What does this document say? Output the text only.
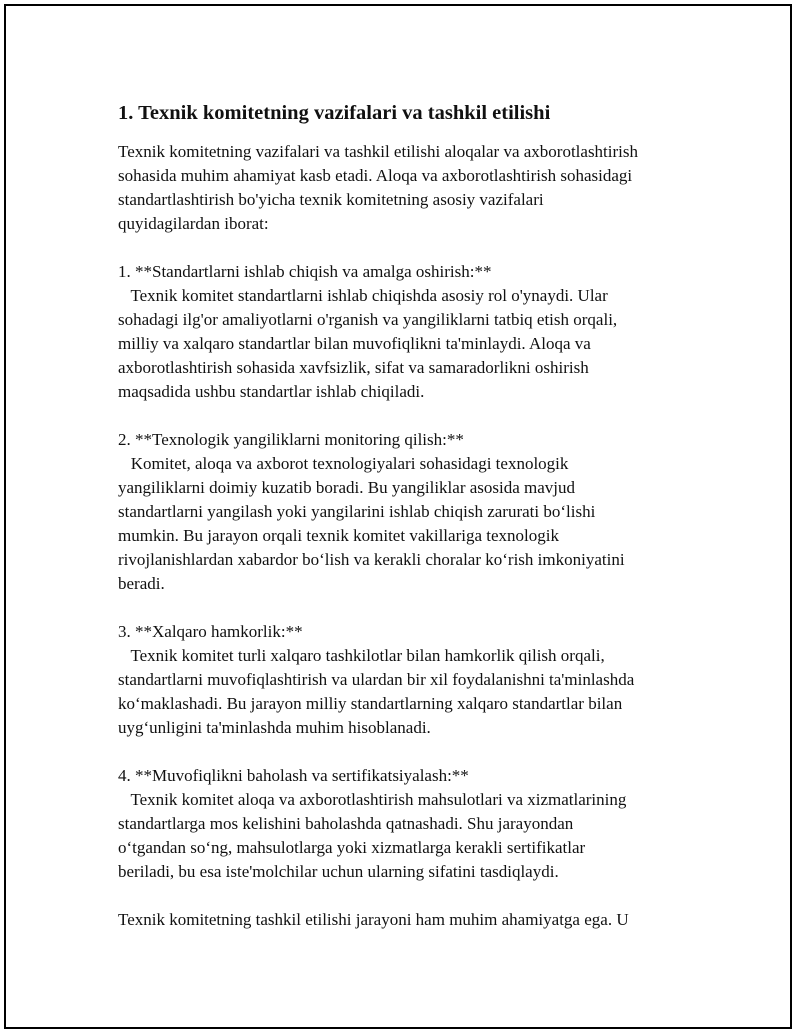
1. Texnik komitetning vazifalari va tashkil etilishi
Texnik komitetning vazifalari va tashkil etilishi aloqalar va axborotlashtirish
sohasida muhim ahamiyat kasb etadi. Aloqa va axborotlashtirish sohasidagi
standartlashtirish bo'yicha texnik komitetning asosiy vazifalari
quyidagilardan iborat:
1. **Standartlarni ishlab chiqish va amalga oshirish:**
Texnik komitet standartlarni ishlab chiqishda asosiy rol o'ynaydi. Ular
sohadagi ilg'or amaliyotlarni o'rganish va yangiliklarni tatbiq etish orqali,
milliy va xalqaro standartlar bilan muvofiqlikni ta'minlaydi. Aloqa va
axborotlashtirish sohasida xavfsizlik, sifat va samaradorlikni oshirish
maqsadida ushbu standartlar ishlab chiqiladi.
2. **Texnologik yangiliklarni monitoring qilish:**
Komitet, aloqa va axborot texnologiyalari sohasidagi texnologik
yangiliklarni doimiy kuzatib boradi. Bu yangiliklar asosida mavjud
standartlarni yangilash yoki yangilarini ishlab chiqish zarurati bo‘lishi
mumkin. Bu jarayon orqali texnik komitet vakillariga texnologik
rivojlanishlardan xabardor bo‘lish va kerakli choralar ko‘rish imkoniyatini
beradi.
3. **Xalqaro hamkorlik:**
Texnik komitet turli xalqaro tashkilotlar bilan hamkorlik qilish orqali,
standartlarni muvofiqlashtirish va ulardan bir xil foydalanishni ta'minlashda
ko‘maklashadi. Bu jarayon milliy standartlarning xalqaro standartlar bilan
uyg‘unligini ta'minlashda muhim hisoblanadi.
4. **Muvofiqlikni baholash va sertifikatsiyalash:**
Texnik komitet aloqa va axborotlashtirish mahsulotlari va xizmatlarining
standartlarga mos kelishini baholashda qatnashadi. Shu jarayondan
o‘tgandan so‘ng, mahsulotlarga yoki xizmatlarga kerakli sertifikatlar
beriladi, bu esa iste'molchilar uchun ularning sifatini tasdiqlaydi.
Texnik komitetning tashkil etilishi jarayoni ham muhim ahamiyatga ega. U
